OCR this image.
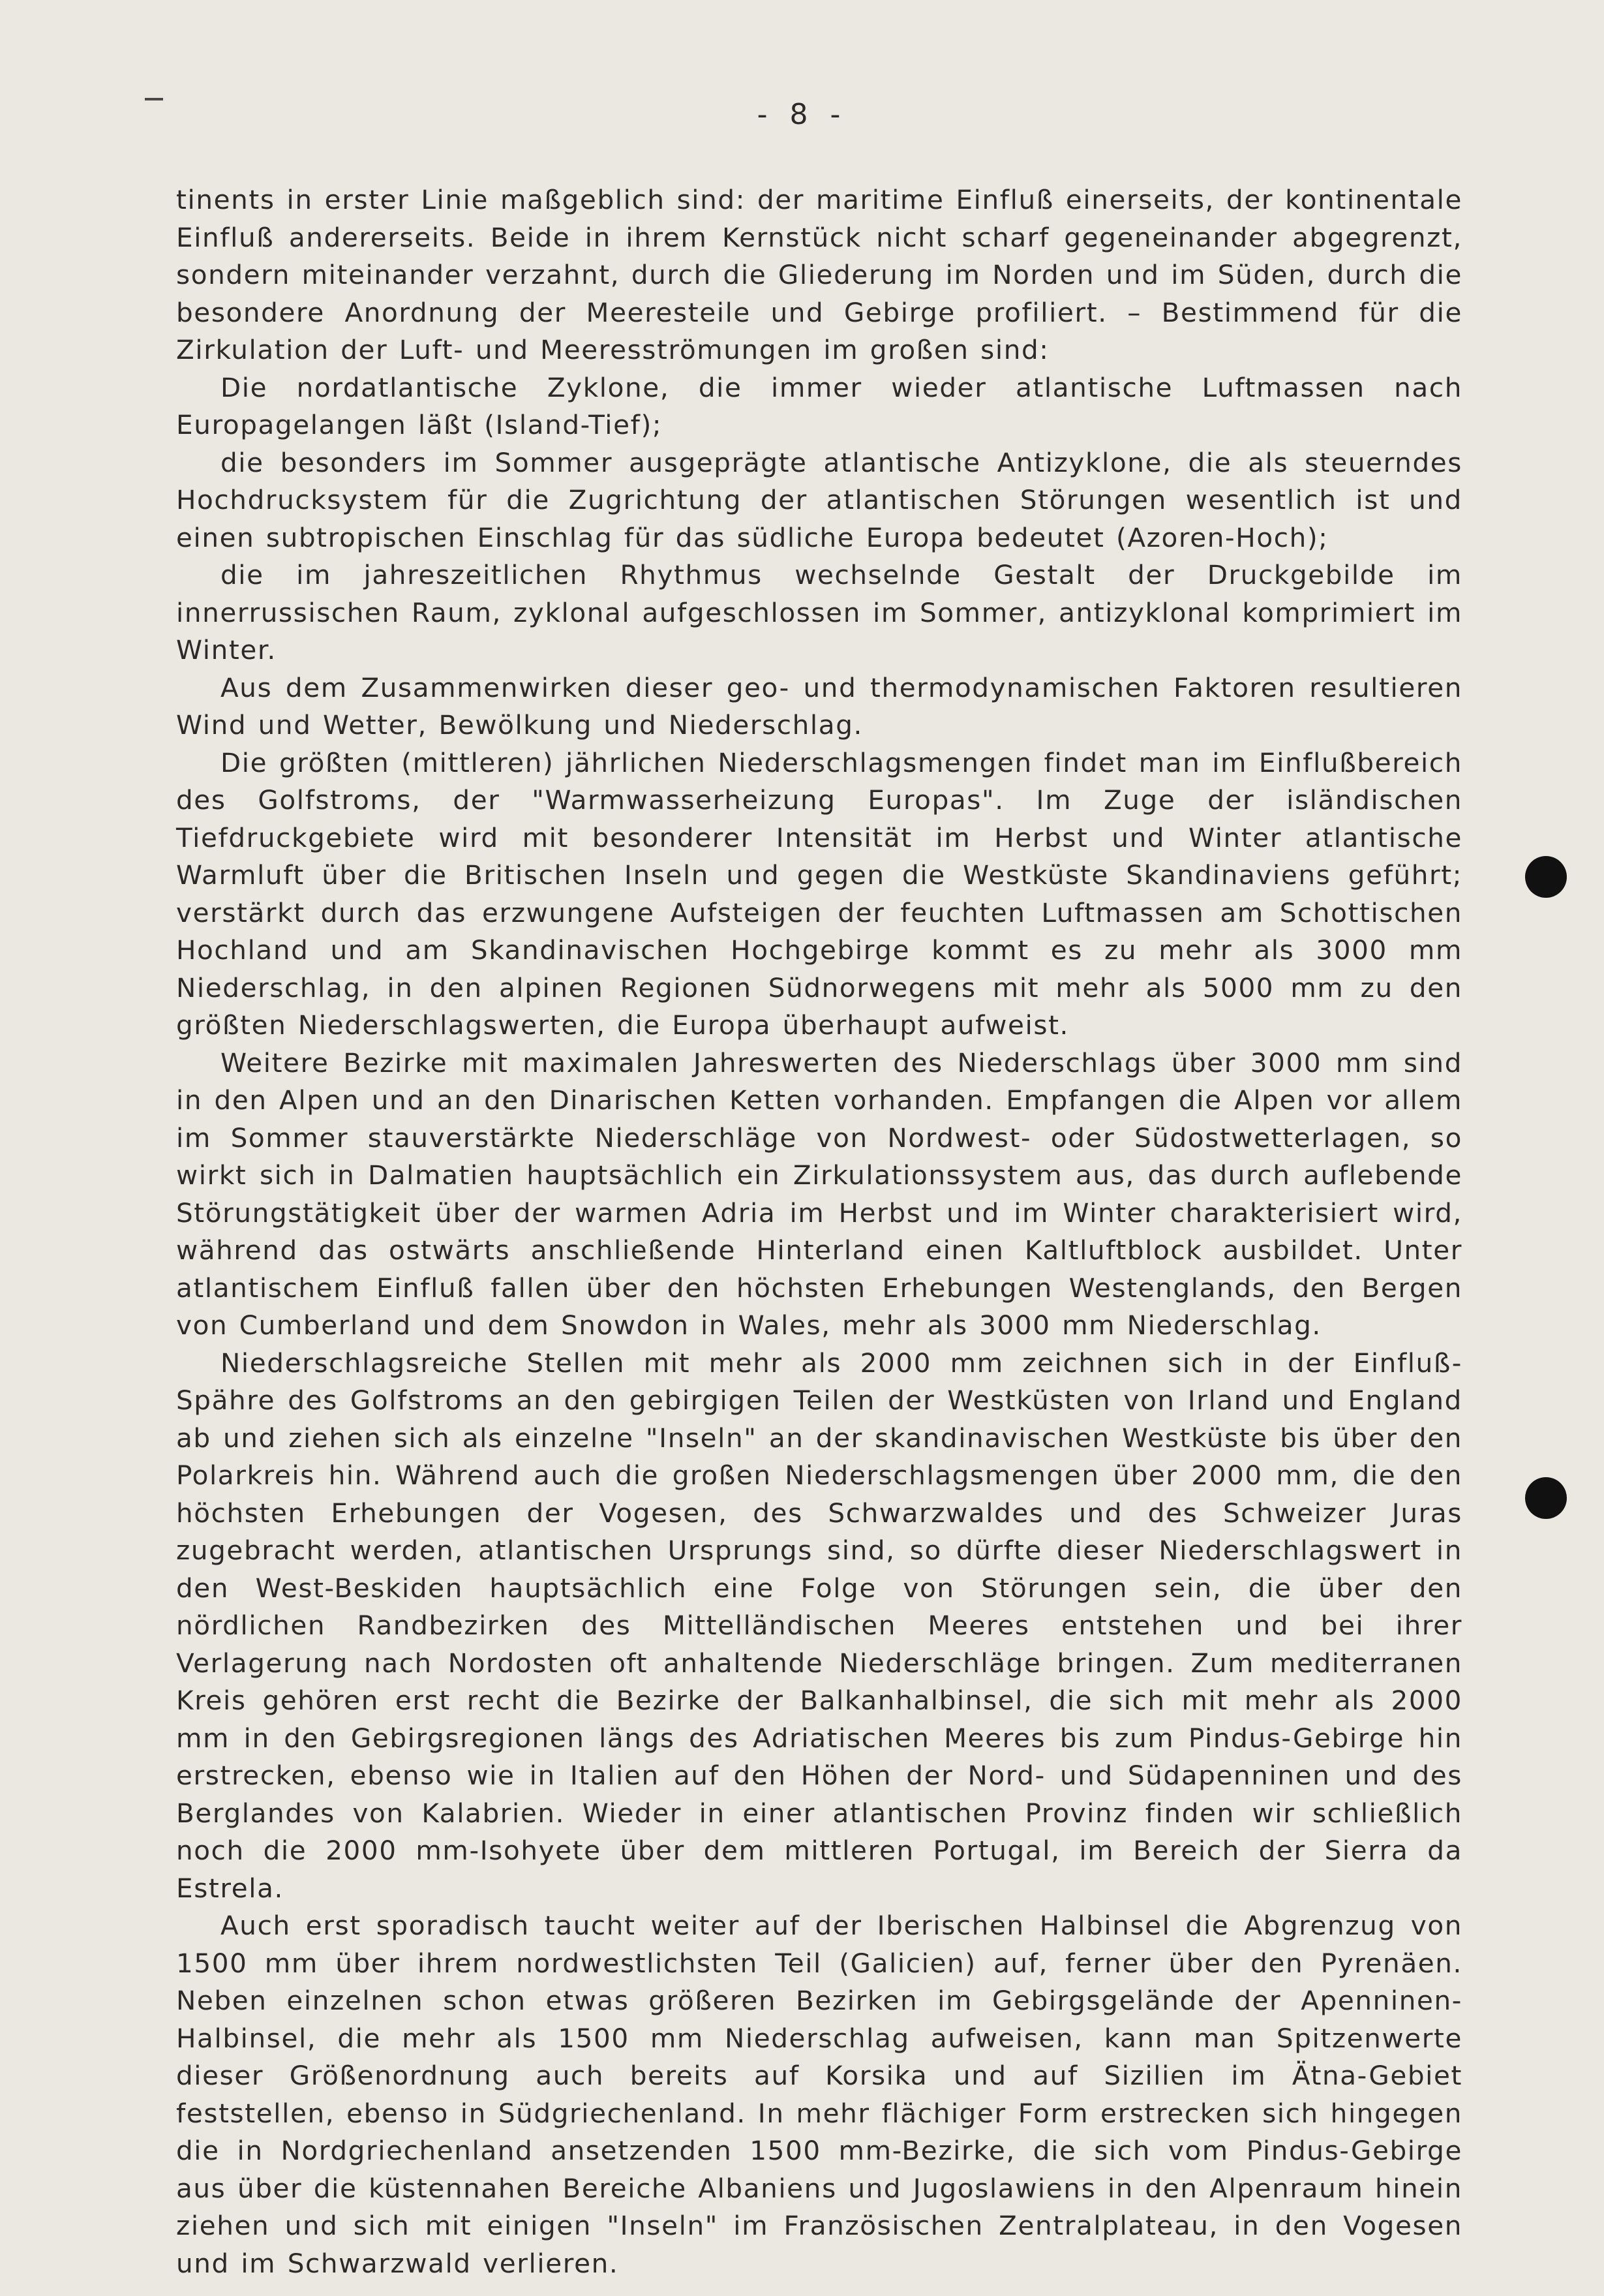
- 8 -

tinents in erster Linie maßgeblich sind: der maritime Einfluß einerseits, der kontinentale Einfluß andererseits. Beide in ihrem Kernstück nicht scharf gegeneinander abgegrenzt, sondern miteinander verzahnt, durch die Gliederung im Norden und im Süden, durch die besondere Anordnung der Meeresteile und Gebirge profiliert. – Bestimmend für die Zirkulation der Luft- und Meeresströmungen im großen sind:

Die nordatlantische Zyklone, die immer wieder atlantische Luftmassen nach Europagelangen läßt (Island-Tief);

die besonders im Sommer ausgeprägte atlantische Antizyklone, die als steuerndes Hochdrucksystem für die Zugrichtung der atlantischen Störungen wesentlich ist und einen subtropischen Einschlag für das südliche Europa bedeutet (Azoren-Hoch);

die im jahreszeitlichen Rhythmus wechselnde Gestalt der Druckgebilde im innerrussischen Raum, zyklonal aufgeschlossen im Sommer, antizyklonal komprimiert im Winter.

Aus dem Zusammenwirken dieser geo- und thermodynamischen Faktoren resultieren Wind und Wetter, Bewölkung und Niederschlag.

Die größten (mittleren) jährlichen Niederschlagsmengen findet man im Einflußbereich des Golfstroms, der "Warmwasserheizung Europas". Im Zuge der isländischen Tiefdruckgebiete wird mit besonderer Intensität im Herbst und Winter atlantische Warmluft über die Britischen Inseln und gegen die Westküste Skandinaviens geführt; verstärkt durch das erzwungene Aufsteigen der feuchten Luftmassen am Schottischen Hochland und am Skandinavischen Hochgebirge kommt es zu mehr als 3000 mm Niederschlag, in den alpinen Regionen Südnorwegens mit mehr als 5000 mm zu den größten Niederschlagswerten, die Europa überhaupt aufweist.

Weitere Bezirke mit maximalen Jahreswerten des Niederschlags über 3000 mm sind in den Alpen und an den Dinarischen Ketten vorhanden. Empfangen die Alpen vor allem im Sommer stauverstärkte Niederschläge von Nordwest- oder Südostwetterlagen, so wirkt sich in Dalmatien hauptsächlich ein Zirkulationssystem aus, das durch auflebende Störungstätigkeit über der warmen Adria im Herbst und im Winter charakterisiert wird, während das ostwärts anschließende Hinterland einen Kaltluftblock ausbildet. Unter atlantischem Einfluß fallen über den höchsten Erhebungen Westenglands, den Bergen von Cumberland und dem Snowdon in Wales, mehr als 3000 mm Niederschlag.

Niederschlagsreiche Stellen mit mehr als 2000 mm zeichnen sich in der Einfluß-Spähre des Golfstroms an den gebirgigen Teilen der Westküsten von Irland und England ab und ziehen sich als einzelne "Inseln" an der skandinavischen Westküste bis über den Polarkreis hin. Während auch die großen Niederschlagsmengen über 2000 mm, die den höchsten Erhebungen der Vogesen, des Schwarzwaldes und des Schweizer Juras zugebracht werden, atlantischen Ursprungs sind, so dürfte dieser Niederschlagswert in den West-Beskiden hauptsächlich eine Folge von Störungen sein, die über den nördlichen Randbezirken des Mittelländischen Meeres entstehen und bei ihrer Verlagerung nach Nordosten oft anhaltende Niederschläge bringen. Zum mediterranen Kreis gehören erst recht die Bezirke der Balkanhalbinsel, die sich mit mehr als 2000 mm in den Gebirgsregionen längs des Adriatischen Meeres bis zum Pindus-Gebirge hin erstrecken, ebenso wie in Italien auf den Höhen der Nord- und Südapenninen und des Berglandes von Kalabrien. Wieder in einer atlantischen Provinz finden wir schließlich noch die 2000 mm-Isohyete über dem mittleren Portugal, im Bereich der Sierra da Estrela.

Auch erst sporadisch taucht weiter auf der Iberischen Halbinsel die Abgrenzug von 1500 mm über ihrem nordwestlichsten Teil (Galicien) auf, ferner über den Pyrenäen. Neben einzelnen schon etwas größeren Bezirken im Gebirgsgelände der Apenninen-Halbinsel, die mehr als 1500 mm Niederschlag aufweisen, kann man Spitzenwerte dieser Größenordnung auch bereits auf Korsika und auf Sizilien im Ätna-Gebiet feststellen, ebenso in Südgriechenland. In mehr flächiger Form erstrecken sich hingegen die in Nordgriechenland ansetzenden 1500 mm-Bezirke, die sich vom Pindus-Gebirge aus über die küstennahen Bereiche Albaniens und Jugoslawiens in den Alpenraum hinein ziehen und sich mit einigen "Inseln" im Französischen Zentralplateau, in den Vogesen und im Schwarzwald verlieren.
